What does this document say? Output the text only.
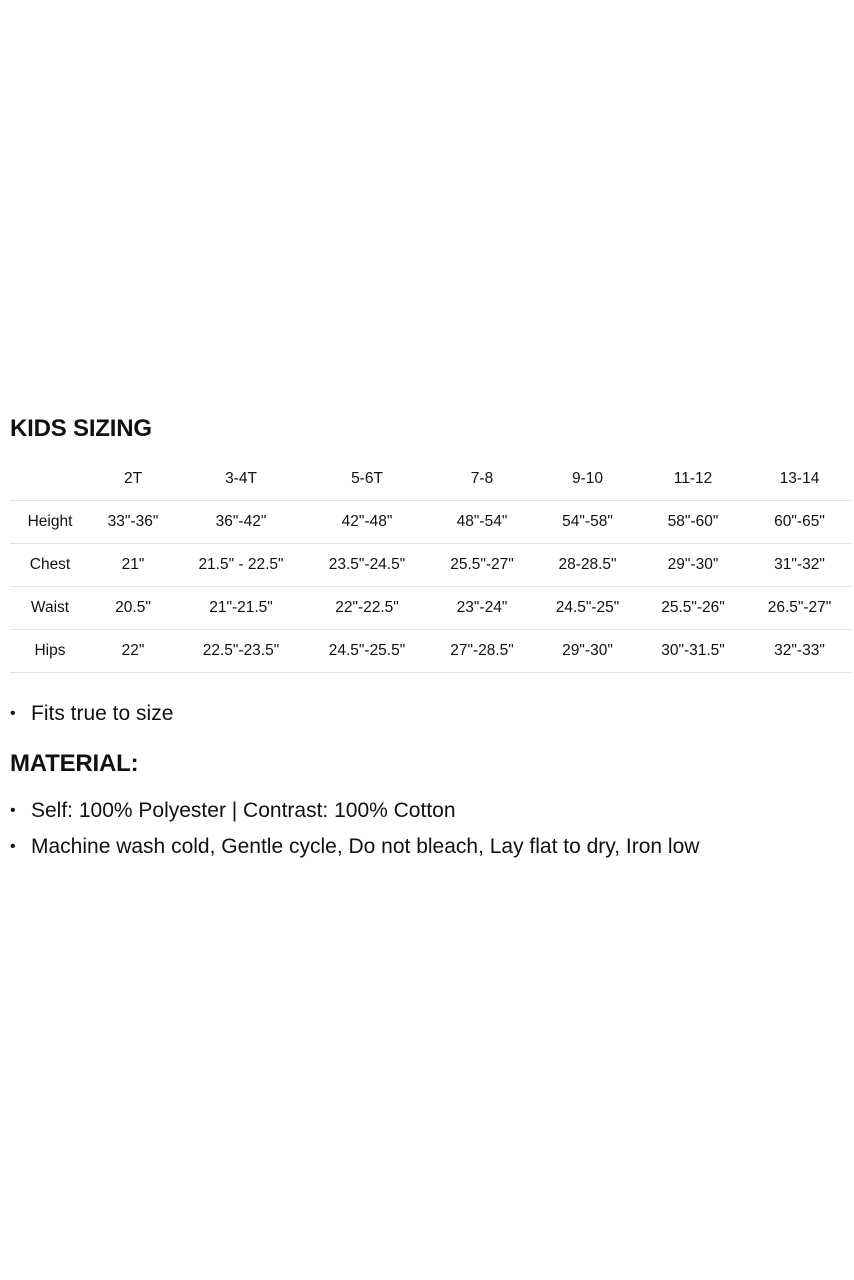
KIDS SIZING
	2T	3-4T	5-6T	7-8	9-10	11-12	13-14
Height	33"-36"	36"-42"	42"-48"	48"-54"	54"-58"	58"-60"	60"-65"
Chest	21"	21.5" - 22.5"	23.5"-24.5"	25.5"-27"	28-28.5"	29"-30"	31"-32"
Waist	20.5"	21"-21.5"	22"-22.5"	23"-24"	24.5"-25"	25.5"-26"	26.5"-27"
Hips	22"	22.5"-23.5"	24.5"-25.5"	27"-28.5"	29"-30"	30"-31.5"	32"-33"
• Fits true to size
MATERIAL:
• Self: 100% Polyester | Contrast: 100% Cotton
• Machine wash cold, Gentle cycle, Do not bleach, Lay flat to dry, Iron low
